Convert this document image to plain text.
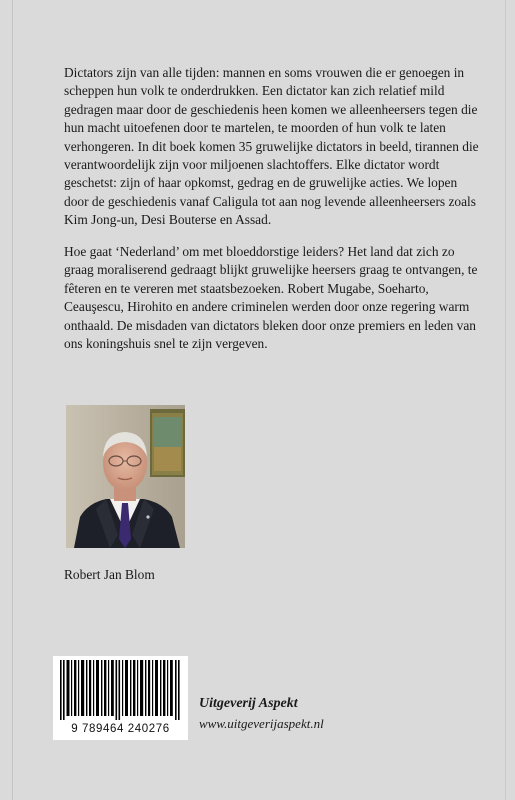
Dictators zijn van alle tijden: mannen en soms vrouwen die er genoegen in scheppen hun volk te onderdrukken. Een dictator kan zich relatief mild gedragen maar door de geschiedenis heen komen we alleenheersers tegen die hun macht uitoefenen door te martelen, te moorden of hun volk te laten verhongeren. In dit boek komen 35 gruwelijke dictators in beeld, tirannen die verantwoordelijk zijn voor miljoenen slachtoffers. Elke dictator wordt geschetst: zijn of haar opkomst, gedrag en de gruwelijke acties. We lopen door de geschiedenis vanaf Caligula tot aan nog levende alleenheersers zoals Kim Jong-un, Desi Bouterse en Assad.

Hoe gaat ‘Nederland’ om met bloeddorstige leiders? Het land dat zich zo graag moraliserend gedraagt blijkt gruwelijke heersers graag te ontvangen, te fêteren en te vereren met staatsbezoeken. Robert Mugabe, Soeharto, Ceauşescu, Hirohito en andere criminelen werden door onze regering warm onthaald. De misdaden van dictators bleken door onze premiers en leden van ons koningshuis snel te zijn vergeven.

Robert Jan Blom
9 789464 240276
Uitgeverij Aspekt
www.uitgeverijaspekt.nl
